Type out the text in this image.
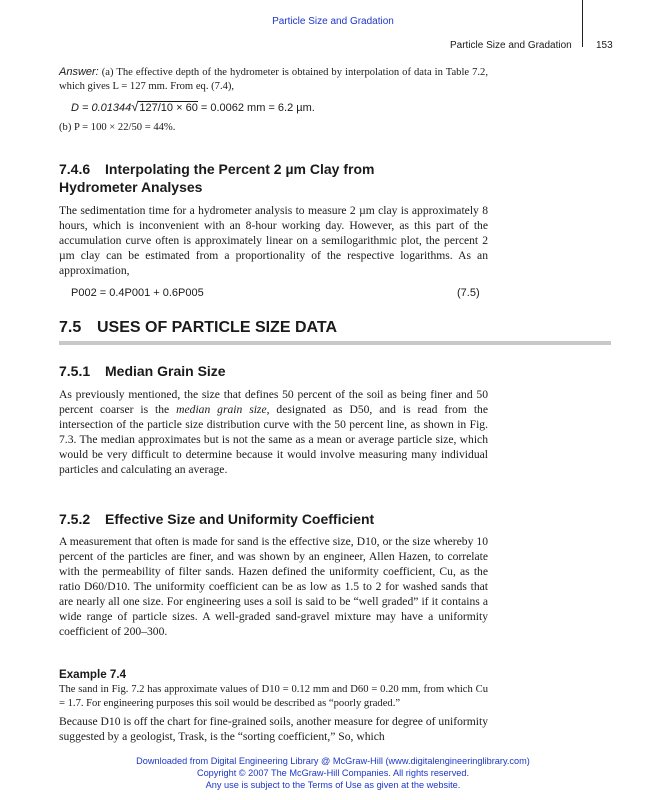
Particle Size and Gradation
Particle Size and Gradation 153
Answer: (a) The effective depth of the hydrometer is obtained by interpolation of data in Table 7.2, which gives L = 127 mm. From eq. (7.4),
D = 0.01344√127/10 × 60 = 0.0062 mm = 6.2 µm.
(b) P = 100 × 22/50 = 44%.
7.4.6 Interpolating the Percent 2 µm Clay from
Hydrometer Analyses
The sedimentation time for a hydrometer analysis to measure 2 µm clay is approximately 8 hours, which is inconvenient with an 8-hour working day. However, as this part of the accumulation curve often is approximately linear on a semilogarithmic plot, the percent 2 µm clay can be estimated from a proportionality of the respective logarithms. As an approximation,
P002 = 0.4P001 + 0.6P005	(7.5)
7.5 USES OF PARTICLE SIZE DATA
7.5.1 Median Grain Size
As previously mentioned, the size that defines 50 percent of the soil as being finer and 50 percent coarser is the median grain size, designated as D50, and is read from the intersection of the particle size distribution curve with the 50 percent line, as shown in Fig. 7.3. The median approximates but is not the same as a mean or average particle size, which would be very difficult to determine because it would involve measuring many individual particles and calculating an average.
7.5.2 Effective Size and Uniformity Coefficient
A measurement that often is made for sand is the effective size, D10, or the size whereby 10 percent of the particles are finer, and was shown by an engineer, Allen Hazen, to correlate with the permeability of filter sands. Hazen defined the uniformity coefficient, Cu, as the ratio D60/D10. The uniformity coefficient can be as low as 1.5 to 2 for washed sands that are nearly all one size. For engineering uses a soil is said to be “well graded” if it contains a wide range of particle sizes. A well-graded sand-gravel mixture may have a uniformity coefficient of 200–300.
Example 7.4
The sand in Fig. 7.2 has approximate values of D10 = 0.12 mm and D60 = 0.20 mm, from which Cu = 1.7. For engineering purposes this soil would be described as “poorly graded.”
Because D10 is off the chart for fine-grained soils, another measure for degree of uniformity suggested by a geologist, Trask, is the “sorting coefficient,” So, which
Downloaded from Digital Engineering Library @ McGraw-Hill (www.digitalengineeringlibrary.com)
Copyright © 2007 The McGraw-Hill Companies. All rights reserved.
Any use is subject to the Terms of Use as given at the website.
